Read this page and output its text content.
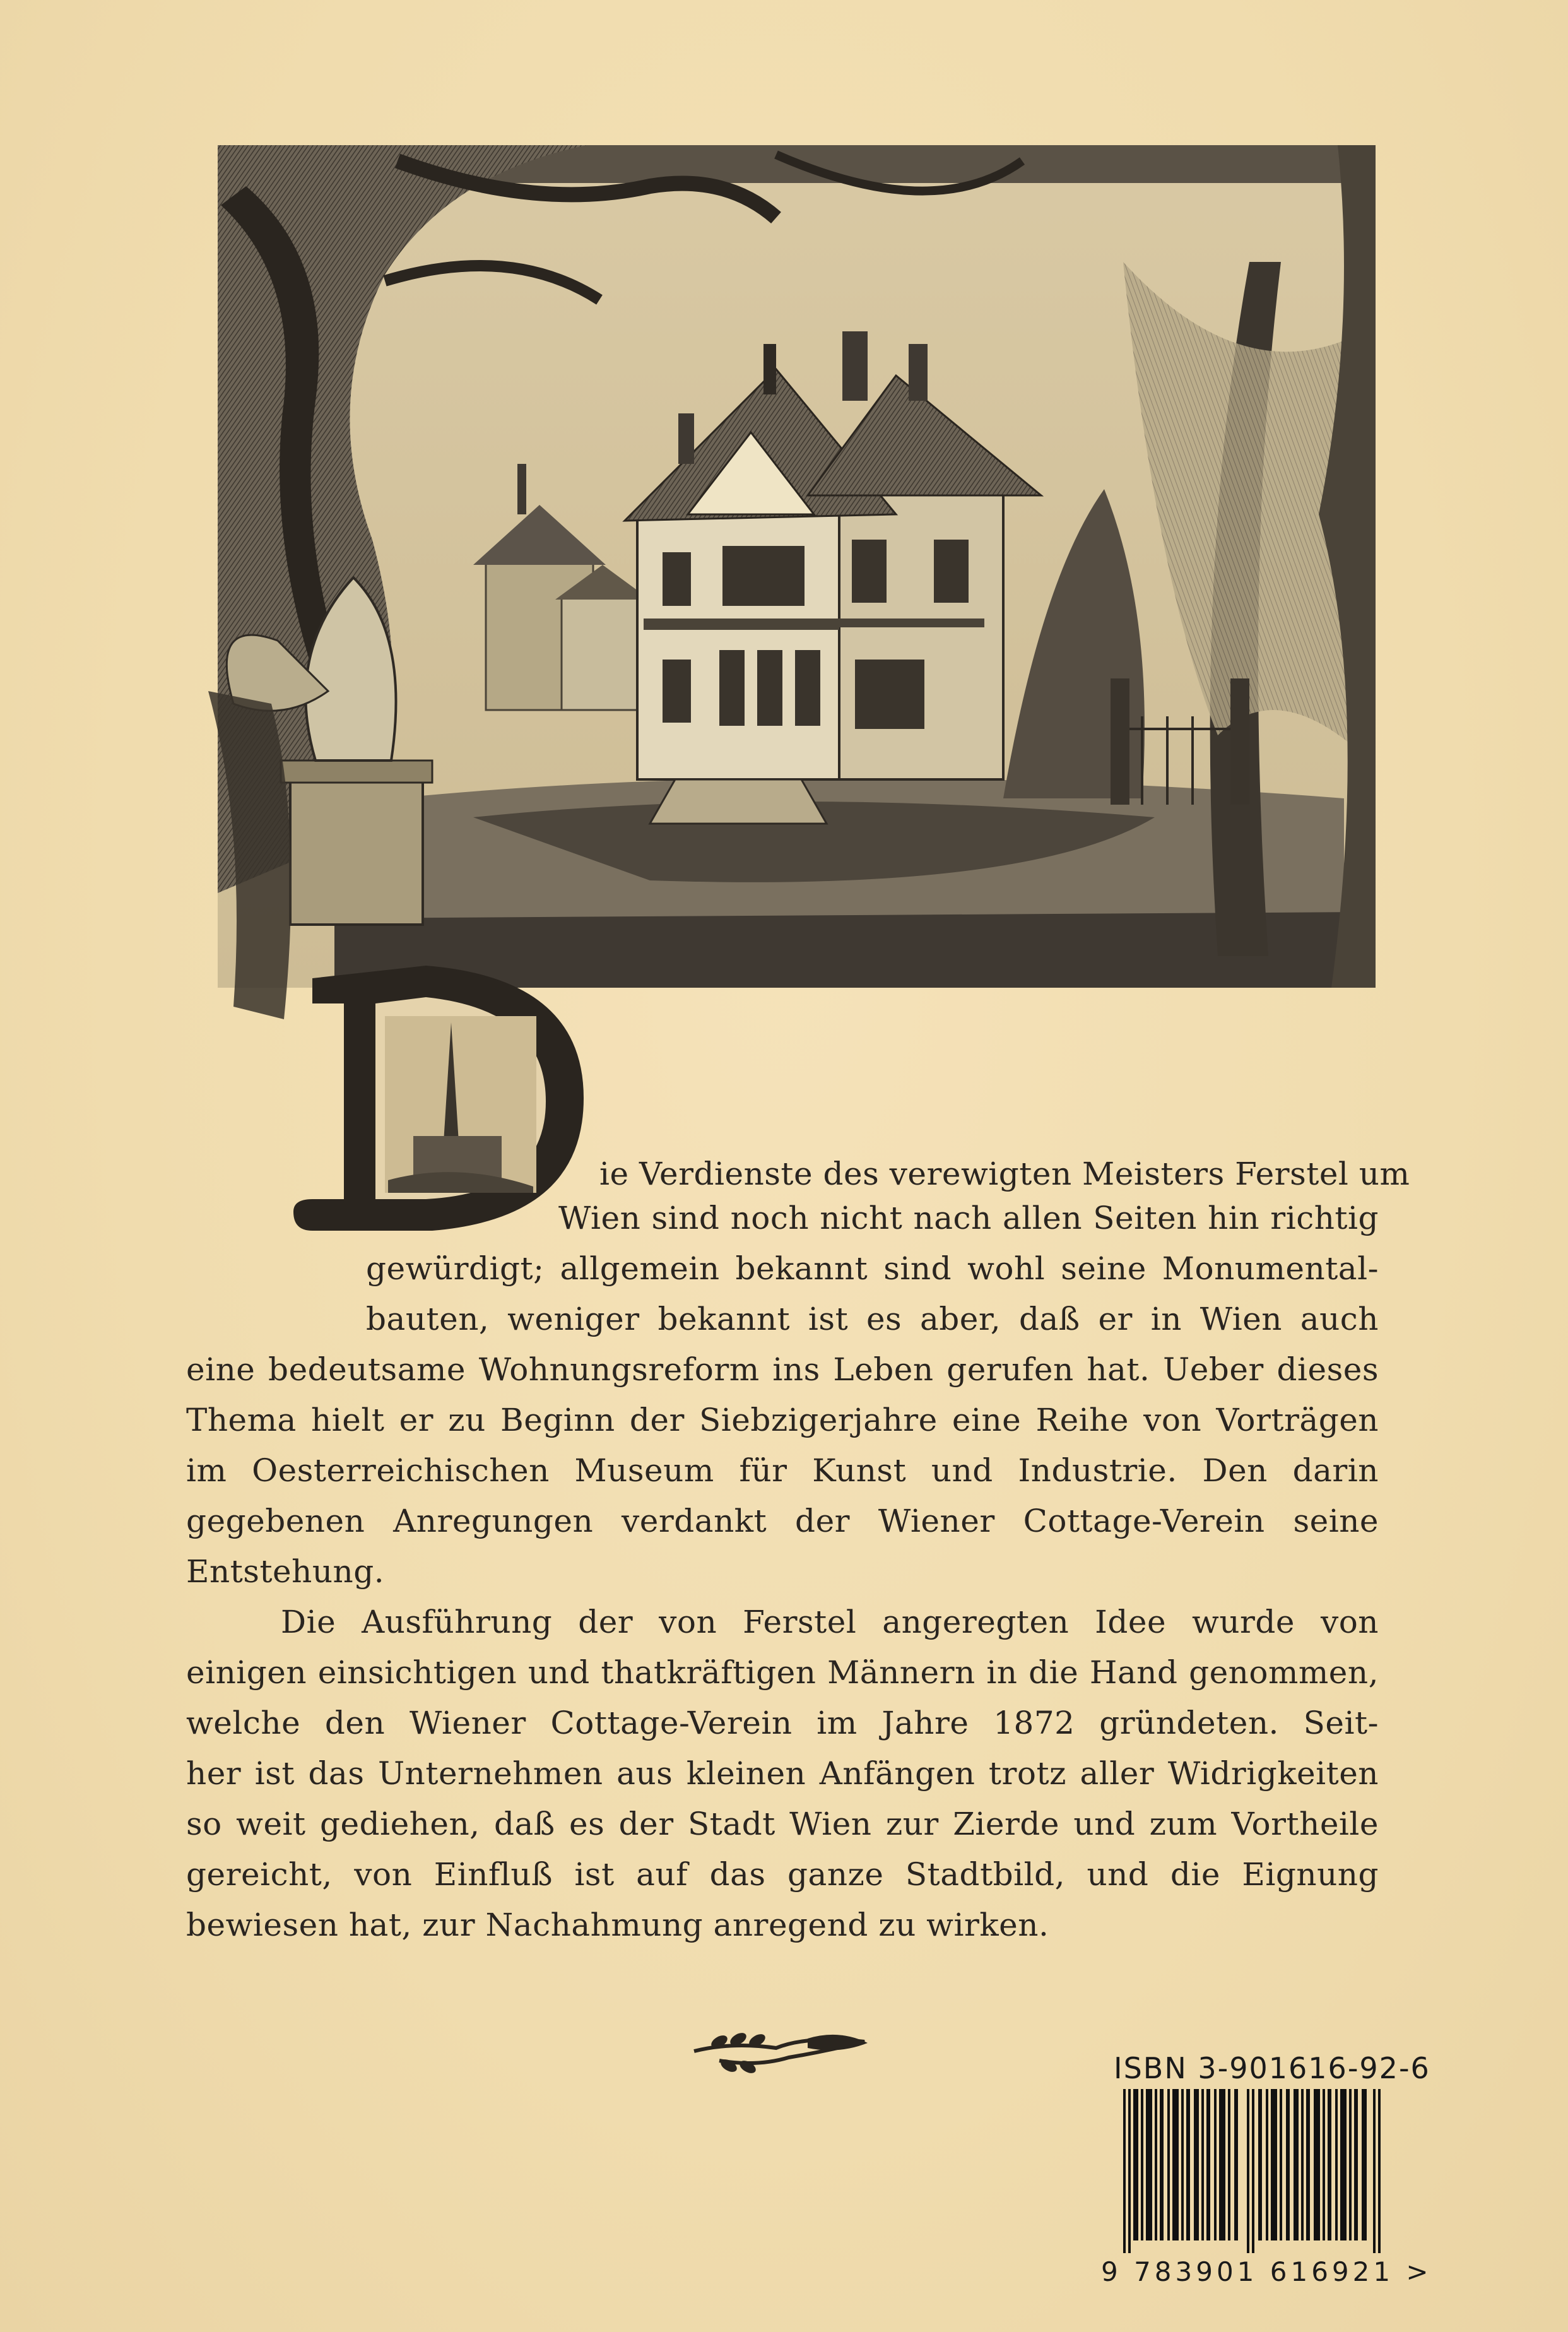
ie Verdienste des verewigten Meisters Ferstel um
Wien sind noch nicht nach allen Seiten hin richtig
gewürdigt; allgemein bekannt sind wohl seine Monumental-
bauten, weniger bekannt ist es aber, daß er in Wien auch
eine bedeutsame Wohnungsreform ins Leben gerufen hat. Ueber dieses
Thema hielt er zu Beginn der Siebzigerjahre eine Reihe von Vorträgen
im Oesterreichischen Museum für Kunst und Industrie. Den darin
gegebenen Anregungen verdankt der Wiener Cottage-Verein seine
Entstehung.
Die Ausführung der von Ferstel angeregten Idee wurde von
einigen einsichtigen und thatkräftigen Männern in die Hand genommen,
welche den Wiener Cottage-Verein im Jahre 1872 gründeten. Seit-
her ist das Unternehmen aus kleinen Anfängen trotz aller Widrigkeiten
so weit gediehen, daß es der Stadt Wien zur Zierde und zum Vortheile
gereicht, von Einfluß ist auf das ganze Stadtbild, und die Eignung
bewiesen hat, zur Nachahmung anregend zu wirken.
ISBN 3-901616-92-6
9 783901 616921 >
